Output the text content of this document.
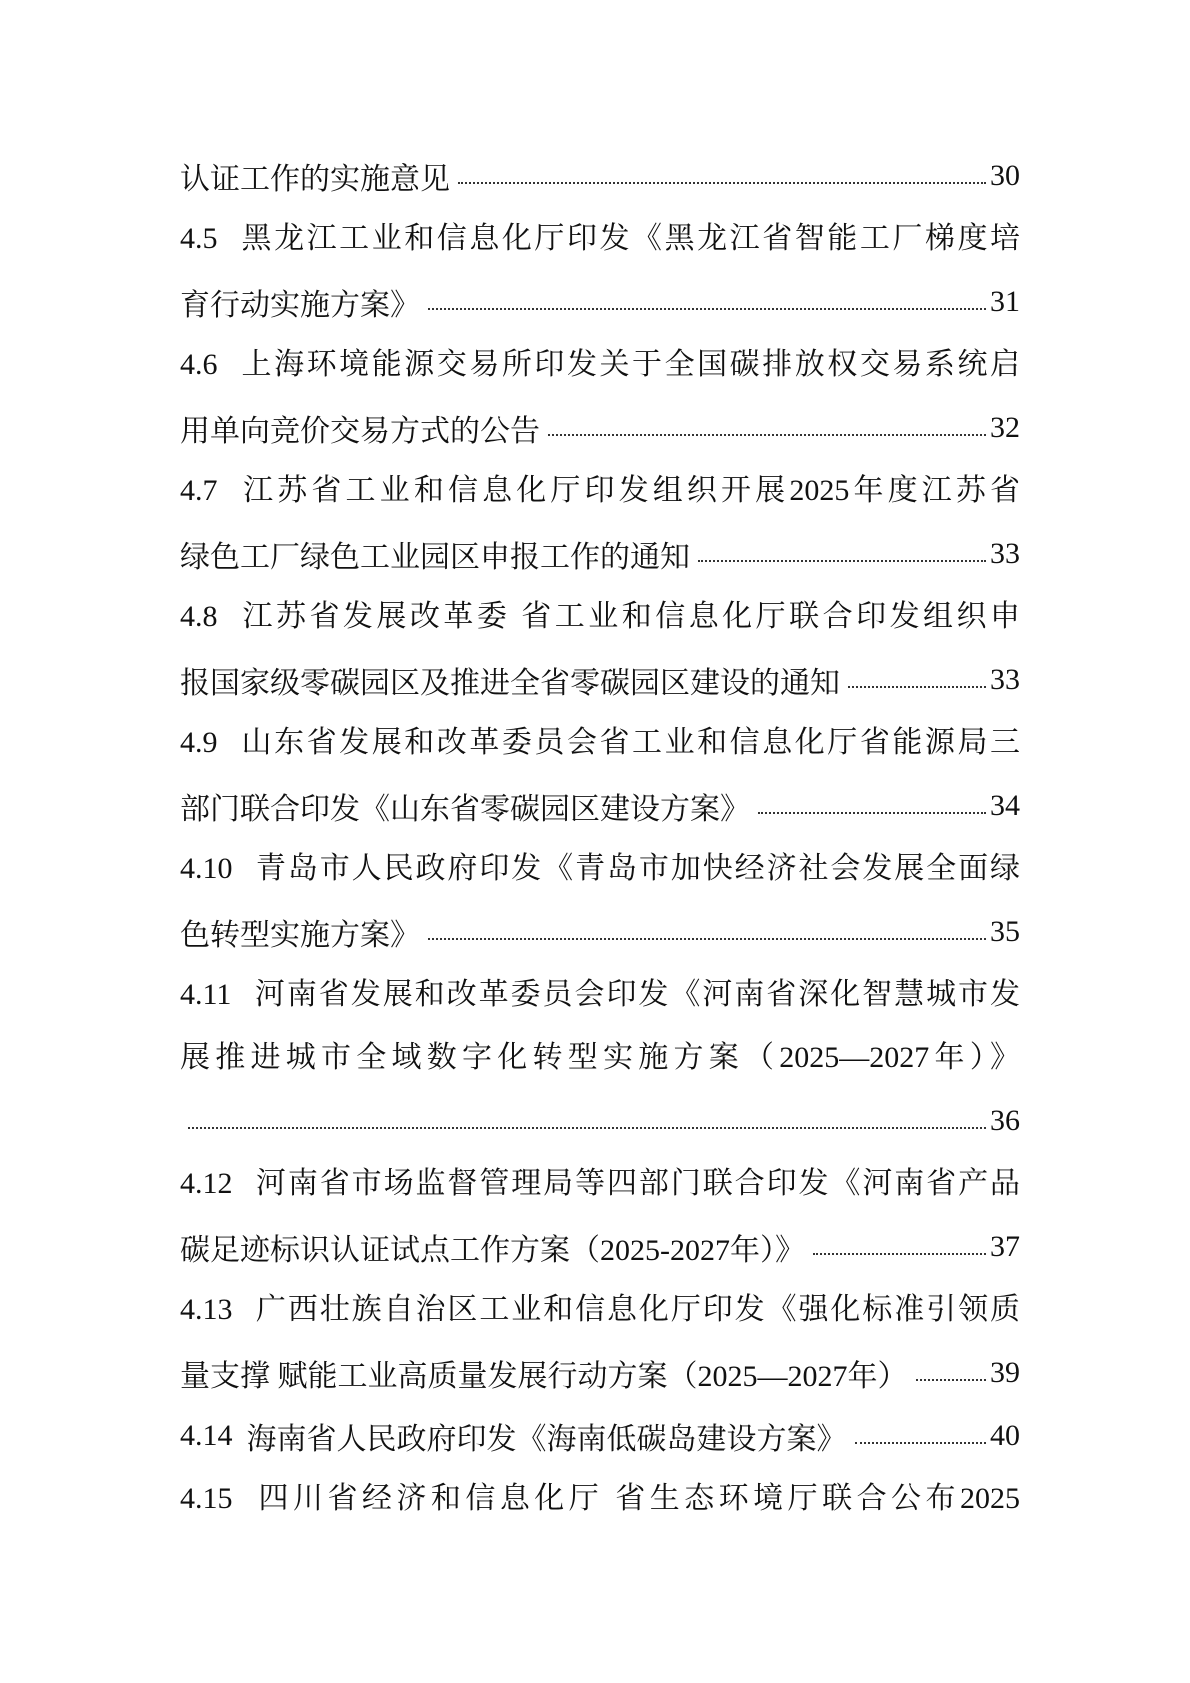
认证工作的实施意见	30
4.5 黑龙江工业和信息化厅印发《黑龙江省智能工厂梯度培
育行动实施方案》	31
4.6 上海环境能源交易所印发关于全国碳排放权交易系统启
用单向竞价交易方式的公告	32
4.7 江苏省工业和信息化厅印发组织开展2025年度江苏省
绿色工厂绿色工业园区申报工作的通知	33
4.8 江苏省发展改革委 省工业和信息化厅联合印发组织申
报国家级零碳园区及推进全省零碳园区建设的通知	33
4.9 山东省发展和改革委员会省工业和信息化厅省能源局三
部门联合印发《山东省零碳园区建设方案》	34
4.10 青岛市人民政府印发《青岛市加快经济社会发展全面绿
色转型实施方案》	35
4.11 河南省发展和改革委员会印发《河南省深化智慧城市发
展推进城市全域数字化转型实施方案（2025—2027年）》
36
4.12 河南省市场监督管理局等四部门联合印发《河南省产品
碳足迹标识认证试点工作方案（2025-2027年）》	37
4.13 广西壮族自治区工业和信息化厅印发《强化标准引领质
量支撑 赋能工业高质量发展行动方案（2025—2027年）	39
4.14 海南省人民政府印发《海南低碳岛建设方案》	40
4.15 四川省经济和信息化厅 省生态环境厅联合公布2025
